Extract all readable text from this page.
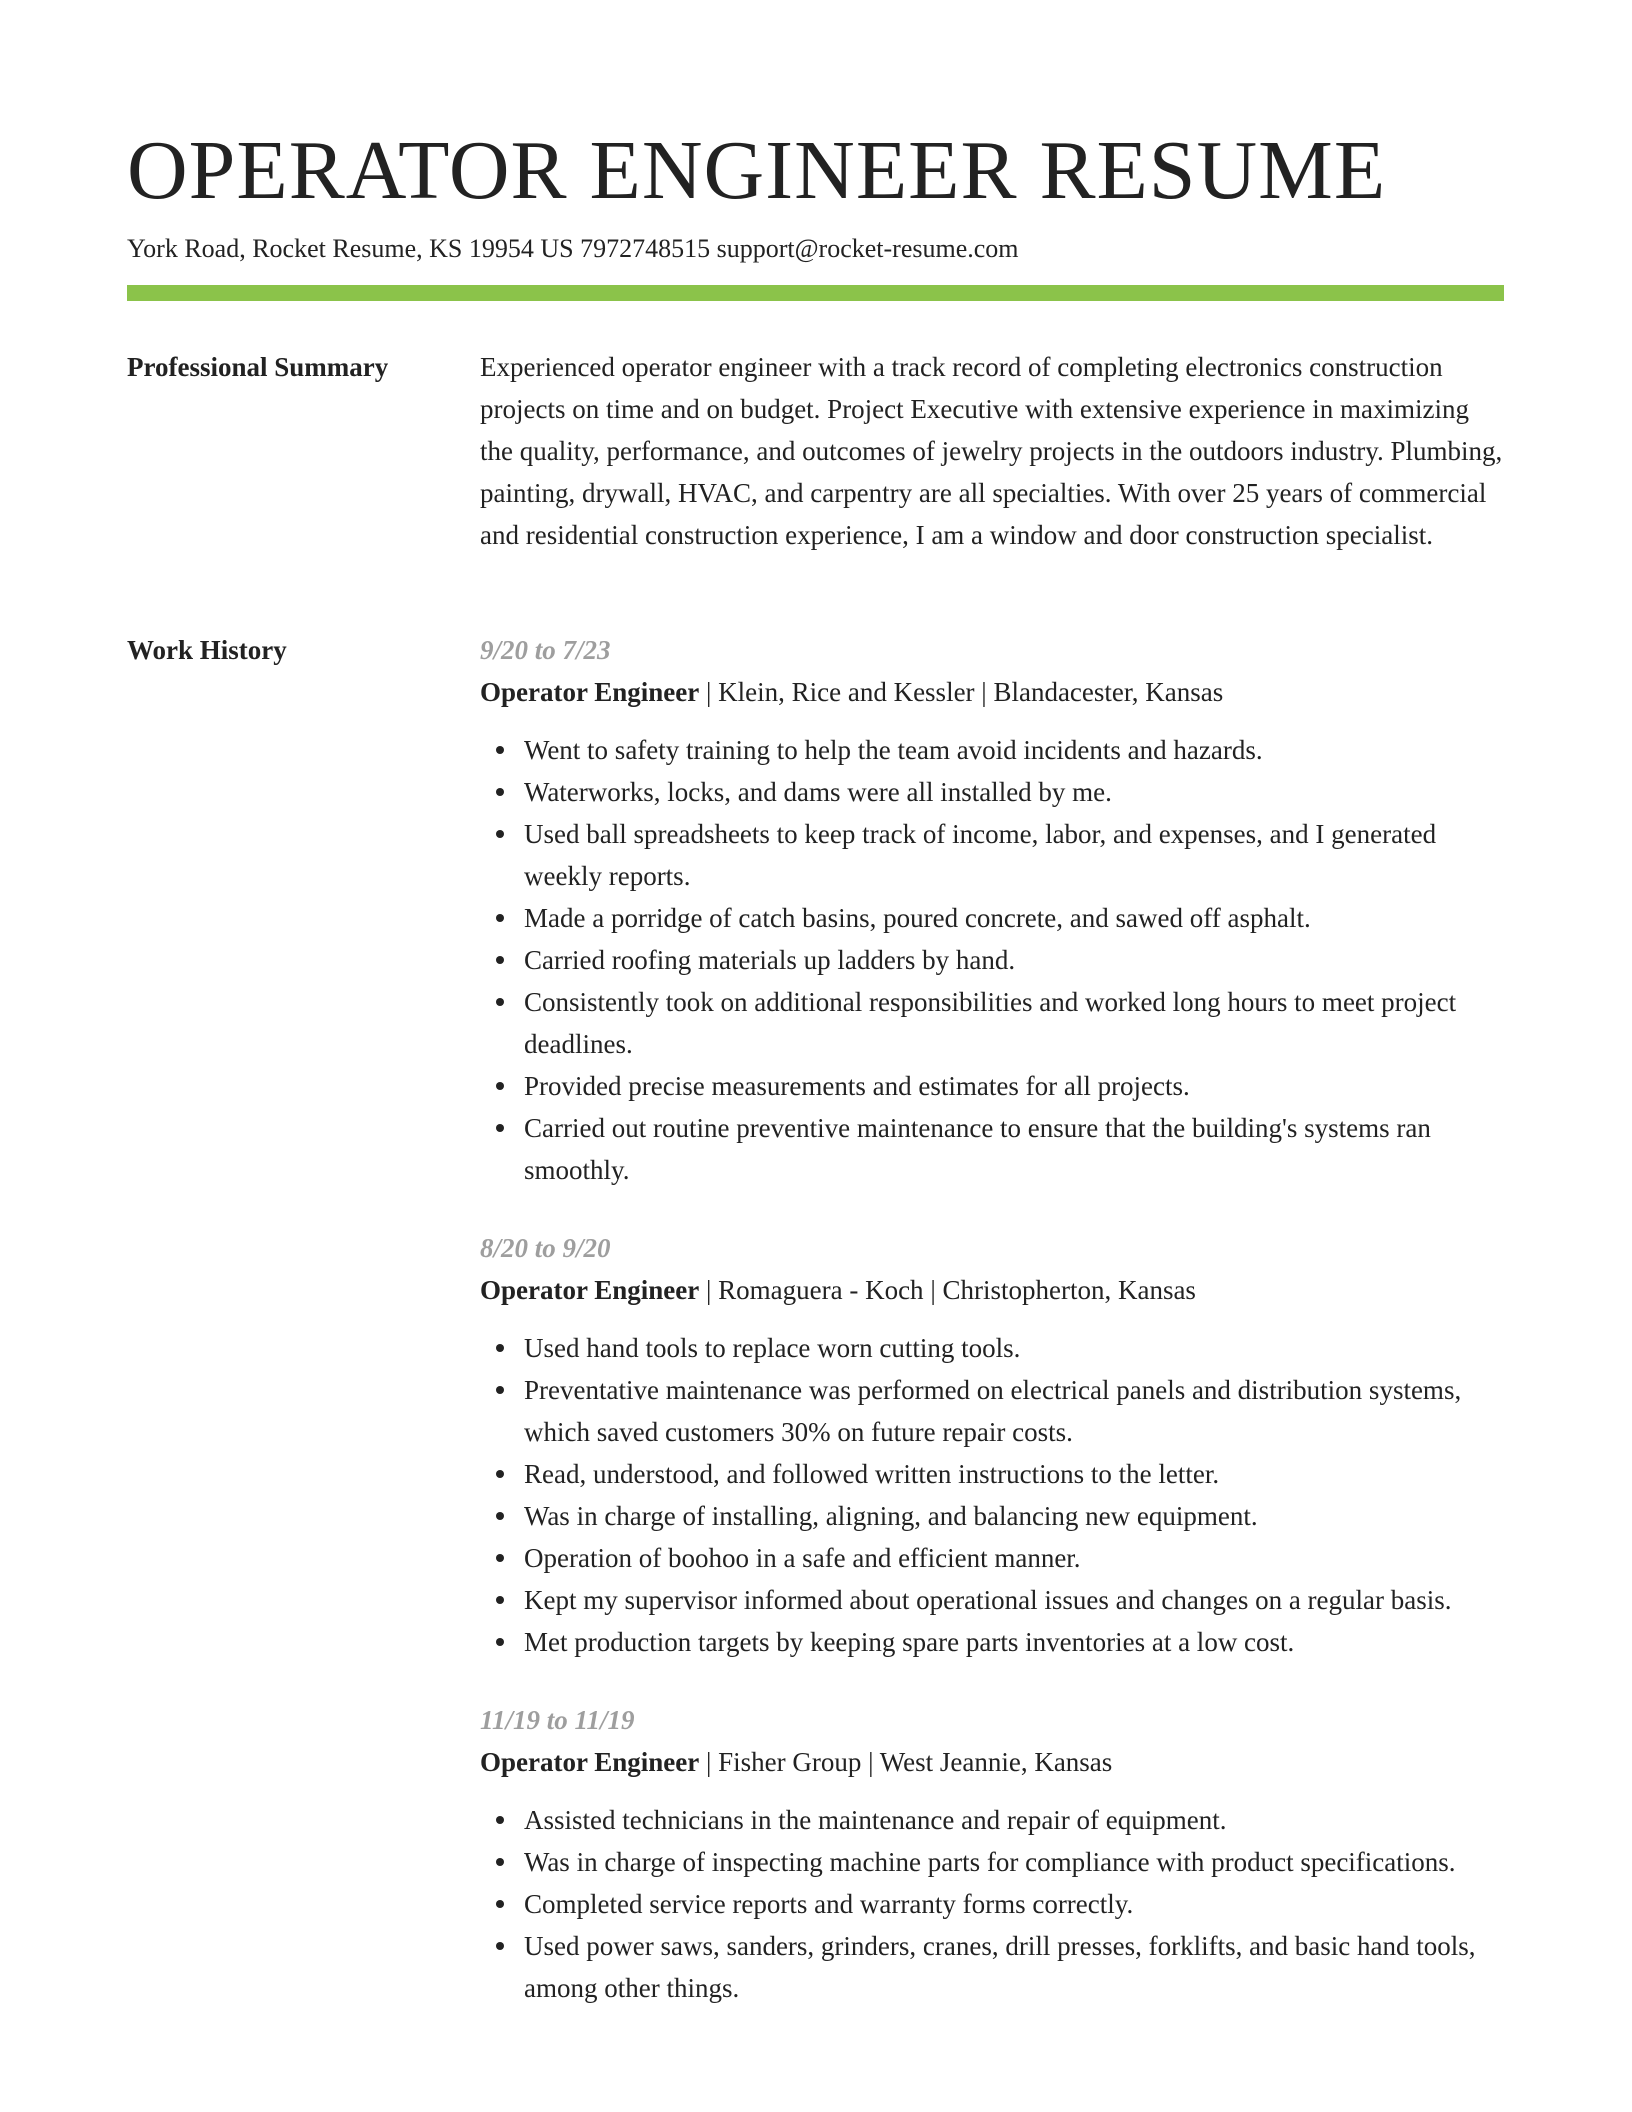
OPERATOR ENGINEER RESUME
York Road, Rocket Resume, KS 19954 US 7972748515 support@rocket-resume.com
Professional Summary	Experienced operator engineer with a track record of completing electronics construction projects on time and on budget. Project Executive with extensive experience in maximizing the quality, performance, and outcomes of jewelry projects in the outdoors industry. Plumbing, painting, drywall, HVAC, and carpentry are all specialties. With over 25 years of commercial and residential construction experience, I am a window and door construction specialist.

Work History	9/20 to 7/23
Operator Engineer | Klein, Rice and Kessler | Blandacester, Kansas
Went to safety training to help the team avoid incidents and hazards.
Waterworks, locks, and dams were all installed by me.
Used ball spreadsheets to keep track of income, labor, and expenses, and I generated weekly reports.
Made a porridge of catch basins, poured concrete, and sawed off asphalt.
Carried roofing materials up ladders by hand.
Consistently took on additional responsibilities and worked long hours to meet project deadlines.
Provided precise measurements and estimates for all projects.
Carried out routine preventive maintenance to ensure that the building's systems ran smoothly.
8/20 to 9/20
Operator Engineer | Romaguera - Koch | Christopherton, Kansas
Used hand tools to replace worn cutting tools.
Preventative maintenance was performed on electrical panels and distribution systems, which saved customers 30% on future repair costs.
Read, understood, and followed written instructions to the letter.
Was in charge of installing, aligning, and balancing new equipment.
Operation of boohoo in a safe and efficient manner.
Kept my supervisor informed about operational issues and changes on a regular basis.
Met production targets by keeping spare parts inventories at a low cost.
11/19 to 11/19
Operator Engineer | Fisher Group | West Jeannie, Kansas
Assisted technicians in the maintenance and repair of equipment.
Was in charge of inspecting machine parts for compliance with product specifications.
Completed service reports and warranty forms correctly.
Used power saws, sanders, grinders, cranes, drill presses, forklifts, and basic hand tools, among other things.
